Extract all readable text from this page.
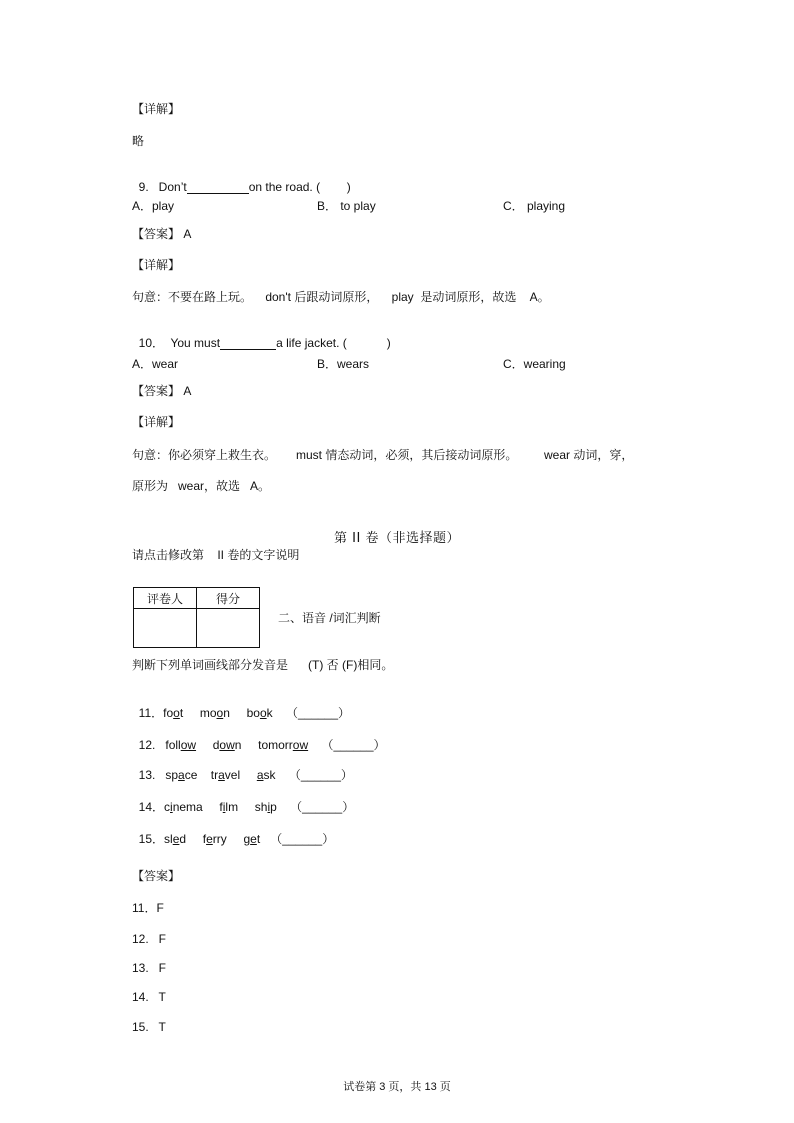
【详解】
略

9.   Don’t	on the road. (        )

A．play	B． to play	C． playing
【答案】 A
【详解】
句意：不要在路上玩。    don't 后跟动词原形，    play  是动词原形，故选    A。

10．  You must	a life jacket. (            )

A．wear	B．wears	C．wearing
【答案】 A
【详解】
句意：你必须穿上救生衣。      must 情态动词，必须，其后接动词原形。        wear 动词，穿，
原形为   wear，故选   A。
第 II 卷（非选择题）
请点击修改第    II 卷的文字说明
评卷人	得分

二、语音 /词汇判断
判断下列单词画线部分发音是      (T) 否 (F)相同。

11．foot moon book （______）

12.   follow down tomorrow （______）

13.   space travel ask （______）

14．cinema film ship （______）

15．sled ferry get （______）

【答案】
11．F
12.   F
13.   F
14.   T
15.   T
试卷第 3 页，共 13 页
